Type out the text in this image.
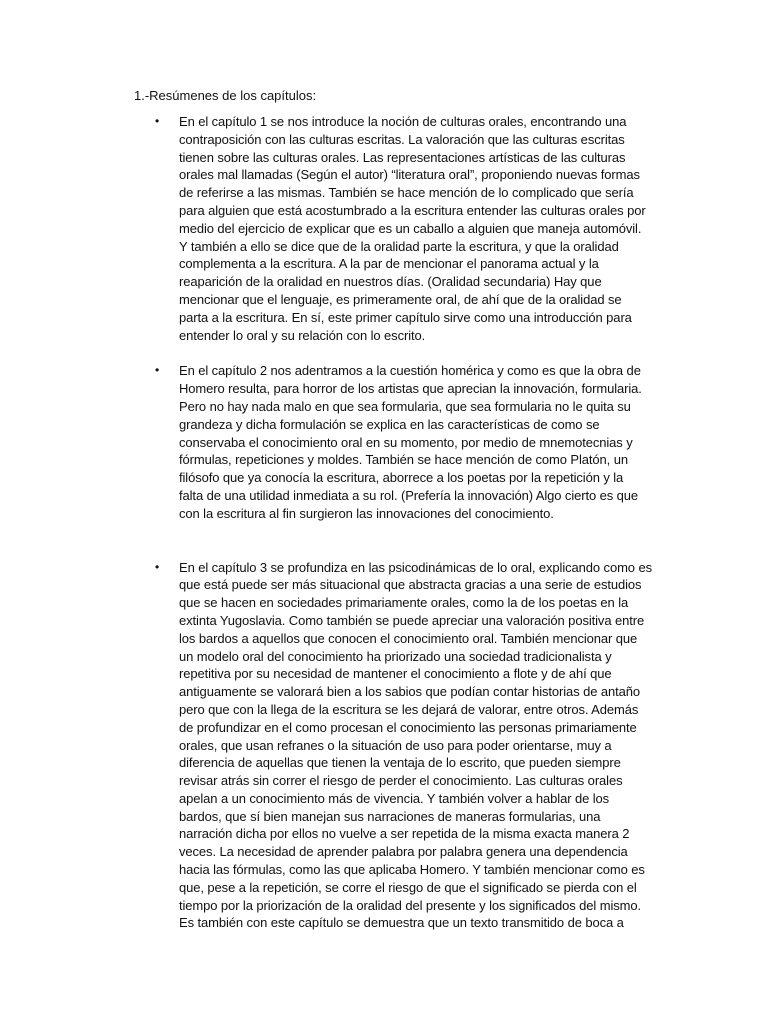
1.-Resúmenes de los capítulos:
•	En el capítulo 1 se nos introduce la noción de culturas orales, encontrando una
contraposición con las culturas escritas. La valoración que las culturas escritas
tienen sobre las culturas orales. Las representaciones artísticas de las culturas
orales mal llamadas (Según el autor) “literatura oral”, proponiendo nuevas formas
de referirse a las mismas. También se hace mención de lo complicado que sería
para alguien que está acostumbrado a la escritura entender las culturas orales por
medio del ejercicio de explicar que es un caballo a alguien que maneja automóvil.
Y también a ello se dice que de la oralidad parte la escritura, y que la oralidad
complementa a la escritura. A la par de mencionar el panorama actual y la
reaparición de la oralidad en nuestros días. (Oralidad secundaria) Hay que
mencionar que el lenguaje, es primeramente oral, de ahí que de la oralidad se
parta a la escritura. En sí, este primer capítulo sirve como una introducción para
entender lo oral y su relación con lo escrito.
•	En el capítulo 2 nos adentramos a la cuestión homérica y como es que la obra de
Homero resulta, para horror de los artistas que aprecian la innovación, formularia.
Pero no hay nada malo en que sea formularia, que sea formularia no le quita su
grandeza y dicha formulación se explica en las características de como se
conservaba el conocimiento oral en su momento, por medio de mnemotecnias y
fórmulas, repeticiones y moldes. También se hace mención de como Platón, un
filósofo que ya conocía la escritura, aborrece a los poetas por la repetición y la
falta de una utilidad inmediata a su rol. (Prefería la innovación) Algo cierto es que
con la escritura al fin surgieron las innovaciones del conocimiento.
•	En el capítulo 3 se profundiza en las psicodinámicas de lo oral, explicando como es
que está puede ser más situacional que abstracta gracias a una serie de estudios
que se hacen en sociedades primariamente orales, como la de los poetas en la
extinta Yugoslavia. Como también se puede apreciar una valoración positiva entre
los bardos a aquellos que conocen el conocimiento oral. También mencionar que
un modelo oral del conocimiento ha priorizado una sociedad tradicionalista y
repetitiva por su necesidad de mantener el conocimiento a flote y de ahí que
antiguamente se valorará bien a los sabios que podían contar historias de antaño
pero que con la llega de la escritura se les dejará de valorar, entre otros. Además
de profundizar en el como procesan el conocimiento las personas primariamente
orales, que usan refranes o la situación de uso para poder orientarse, muy a
diferencia de aquellas que tienen la ventaja de lo escrito, que pueden siempre
revisar atrás sin correr el riesgo de perder el conocimiento. Las culturas orales
apelan a un conocimiento más de vivencia. Y también volver a hablar de los
bardos, que sí bien manejan sus narraciones de maneras formularias, una
narración dicha por ellos no vuelve a ser repetida de la misma exacta manera 2
veces. La necesidad de aprender palabra por palabra genera una dependencia
hacia las fórmulas, como las que aplicaba Homero. Y también mencionar como es
que, pese a la repetición, se corre el riesgo de que el significado se pierda con el
tiempo por la priorización de la oralidad del presente y los significados del mismo.
Es también con este capítulo se demuestra que un texto transmitido de boca a
